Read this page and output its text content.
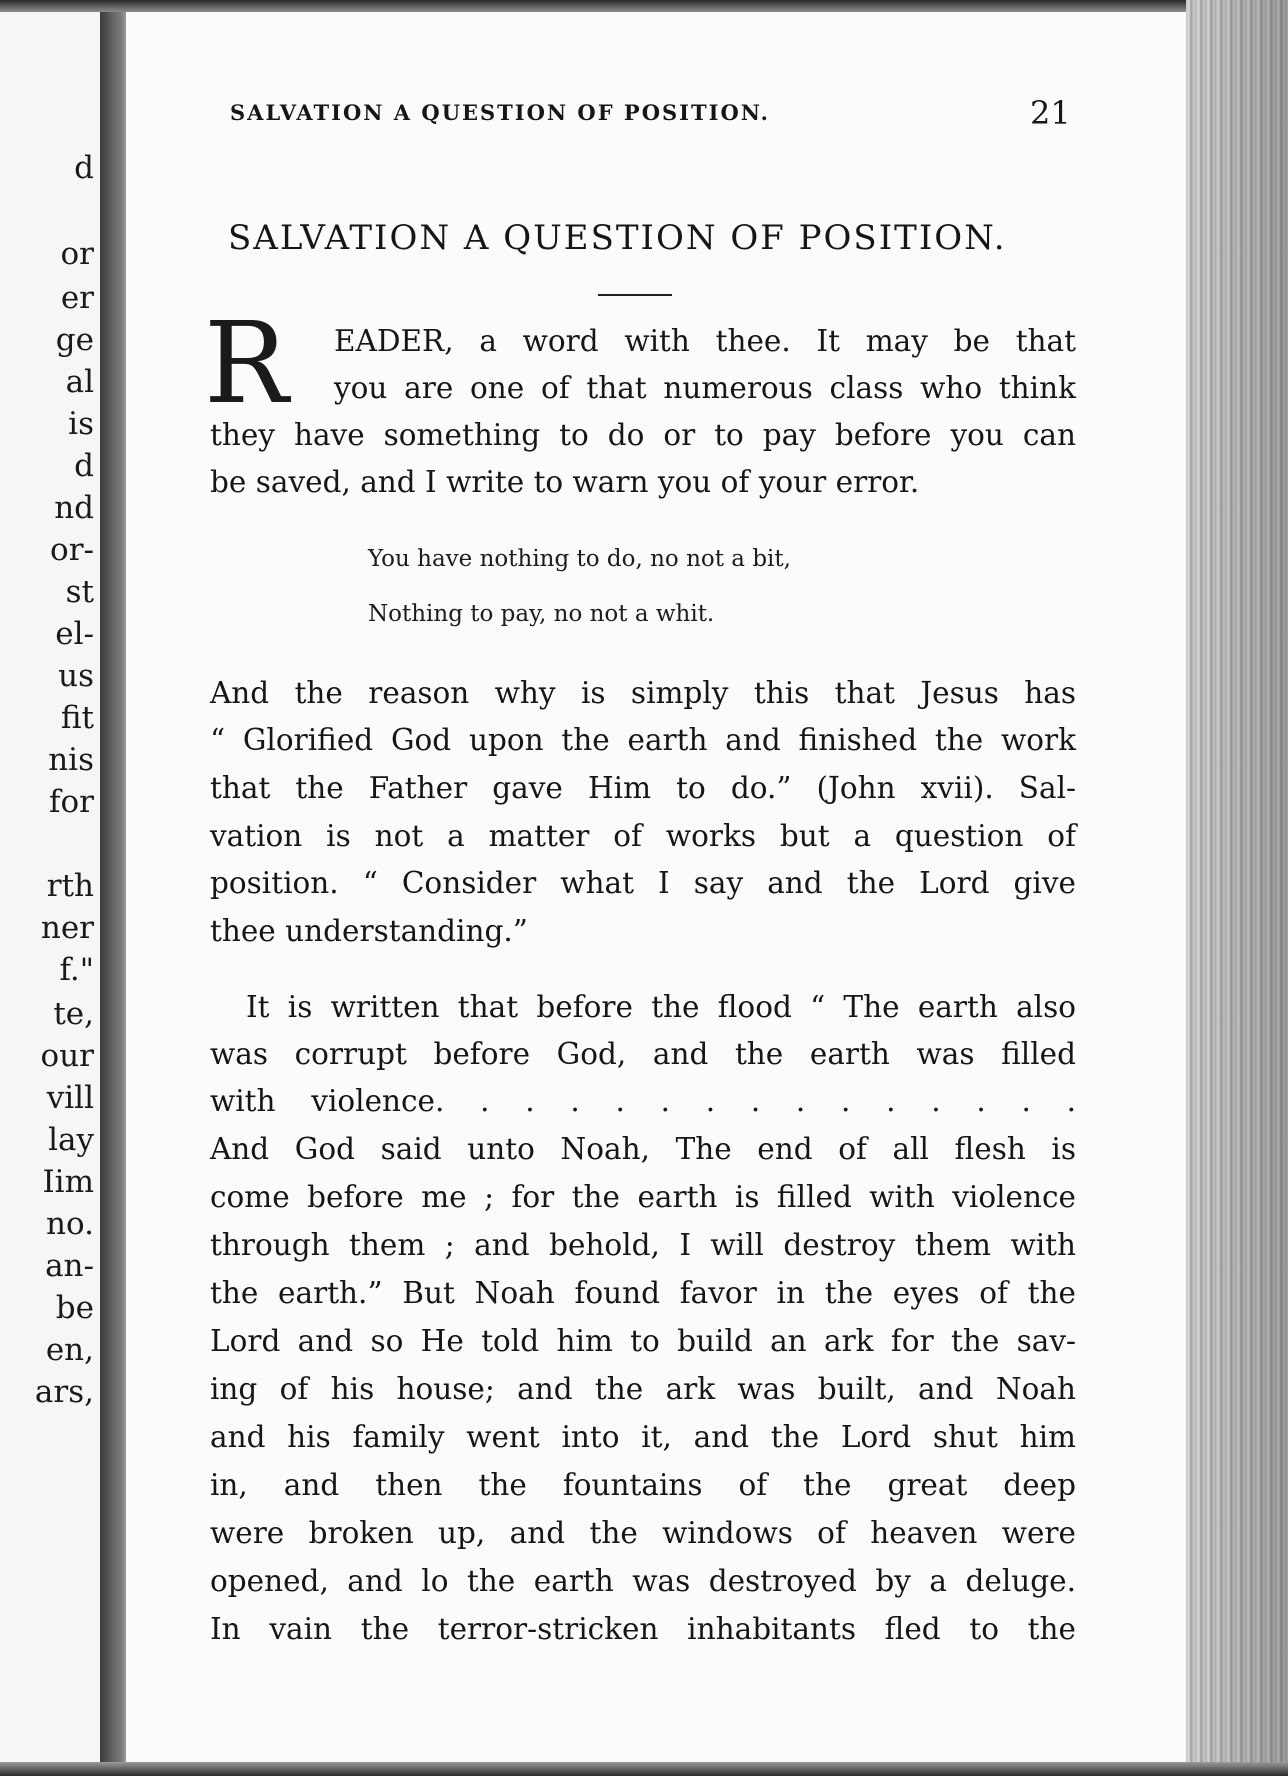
d
or
er
ge
al
is
d
nd
or-
st
el-
us
fit
nis
for
rth
ner
f."
te,
our
vill
lay
Iim
no.
an-
be
en,
ars,
SALVATION A QUESTION OF POSITION.	21
SALVATION A QUESTION OF POSITION.
R EADER, a word with thee. It may be that
you are one of that numerous class who think
they have something to do or to pay before you can
be saved, and I write to warn you of your error.
You have nothing to do, no not a bit,
Nothing to pay, no not a whit.
And the reason why is simply this that Jesus has
“ Glorified God upon the earth and finished the work
that the Father gave Him to do.” (John xvii). Sal-
vation is not a matter of works but a question of
position. “ Consider what I say and the Lord give
thee understanding.”
It is written that before the flood “ The earth also
was corrupt before God, and the earth was filled
with violence. . . . . . . . . . . . . . .
And God said unto Noah, The end of all flesh is
come before me ; for the earth is filled with violence
through them ; and behold, I will destroy them with
the earth.” But Noah found favor in the eyes of the
Lord and so He told him to build an ark for the sav-
ing of his house; and the ark was built, and Noah
and his family went into it, and the Lord shut him
in, and then the fountains of the great deep
were broken up, and the windows of heaven were
opened, and lo the earth was destroyed by a deluge.
In vain the terror-stricken inhabitants fled to the
